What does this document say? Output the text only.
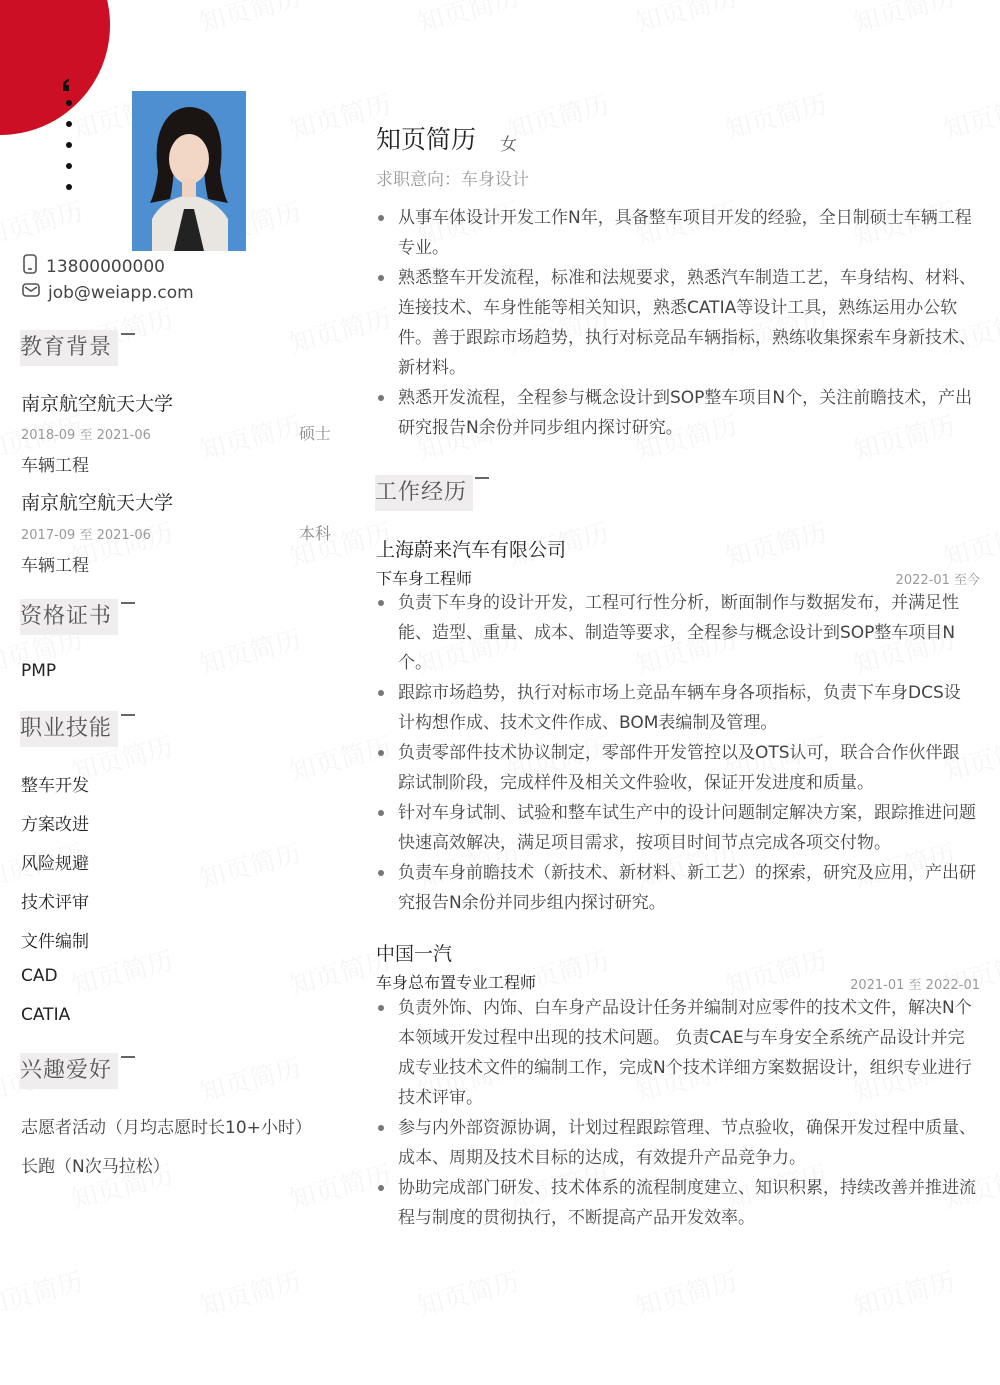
13800000000
job@weiapp.com
教育背景
南京航空航天大学
2018-09 至 2021-06	硕士
车辆工程
南京航空航天大学
2017-09 至 2021-06	本科
车辆工程
资格证书
PMP
职业技能
整车开发
方案改进
风险规避
技术评审
文件编制
CAD
CATIA
兴趣爱好
志愿者活动（月均志愿时长10+小时）
长跑（N次马拉松）
知页简历 女
求职意向：车身设计
从事车体设计开发工作N年，具备整车项目开发的经验，全日制硕士车辆工程专业。
熟悉整车开发流程，标准和法规要求，熟悉汽车制造工艺，车身结构、材料、连接技术、车身性能等相关知识，熟悉CATIA等设计工具，熟练运用办公软件。善于跟踪市场趋势，执行对标竞品车辆指标，熟练收集探索车身新技术、新材料。
熟悉开发流程，全程参与概念设计到SOP整车项目N个，关注前瞻技术，产出研究报告N余份并同步组内探讨研究。
工作经历
上海蔚来汽车有限公司
下车身工程师	2022-01 至今
负责下车身的设计开发，工程可行性分析，断面制作与数据发布，并满足性能、造型、重量、成本、制造等要求，全程参与概念设计到SOP整车项目N个。
跟踪市场趋势，执行对标市场上竞品车辆车身各项指标，负责下车身DCS设计构想作成、技术文件作成、BOM表编制及管理。
负责零部件技术协议制定，零部件开发管控以及OTS认可，联合合作伙伴跟踪试制阶段，完成样件及相关文件验收，保证开发进度和质量。
针对车身试制、试验和整车试生产中的设计问题制定解决方案，跟踪推进问题快速高效解决，满足项目需求，按项目时间节点完成各项交付物。
负责车身前瞻技术（新技术、新材料、新工艺）的探索，研究及应用，产出研究报告N余份并同步组内探讨研究。
中国一汽
车身总布置专业工程师	2021-01 至 2022-01
负责外饰、内饰、白车身产品设计任务并编制对应零件的技术文件，解决N个本领域开发过程中出现的技术问题。 负责CAE与车身安全系统产品设计并完成专业技术文件的编制工作，完成N个技术详细方案数据设计，组织专业进行技术评审。
参与内外部资源协调，计划过程跟踪管理、节点验收，确保开发过程中质量、成本、周期及技术目标的达成，有效提升产品竞争力。
协助完成部门研发、技术体系的流程制度建立、知识积累，持续改善并推进流程与制度的贯彻执行，不断提高产品开发效率。
